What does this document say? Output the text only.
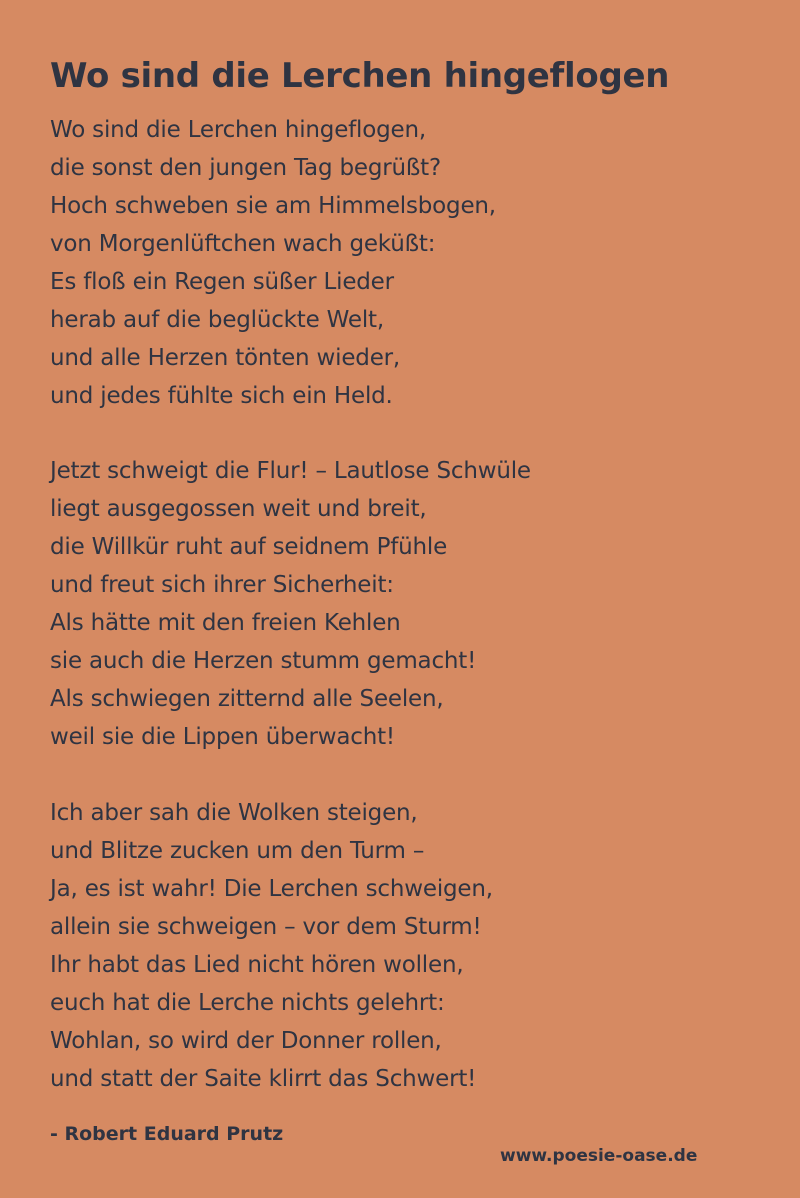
Wo sind die Lerchen hingeflogen
Wo sind die Lerchen hingeflogen,
die sonst den jungen Tag begrüßt?
Hoch schweben sie am Himmelsbogen,
von Morgenlüftchen wach geküßt:
Es floß ein Regen süßer Lieder
herab auf die beglückte Welt,
und alle Herzen tönten wieder,
und jedes fühlte sich ein Held.
Jetzt schweigt die Flur! – Lautlose Schwüle
liegt ausgegossen weit und breit,
die Willkür ruht auf seidnem Pfühle
und freut sich ihrer Sicherheit:
Als hätte mit den freien Kehlen
sie auch die Herzen stumm gemacht!
Als schwiegen zitternd alle Seelen,
weil sie die Lippen überwacht!
Ich aber sah die Wolken steigen,
und Blitze zucken um den Turm –
Ja, es ist wahr! Die Lerchen schweigen,
allein sie schweigen – vor dem Sturm!
Ihr habt das Lied nicht hören wollen,
euch hat die Lerche nichts gelehrt:
Wohlan, so wird der Donner rollen,
und statt der Saite klirrt das Schwert!
- Robert Eduard Prutz
www.poesie-oase.de
